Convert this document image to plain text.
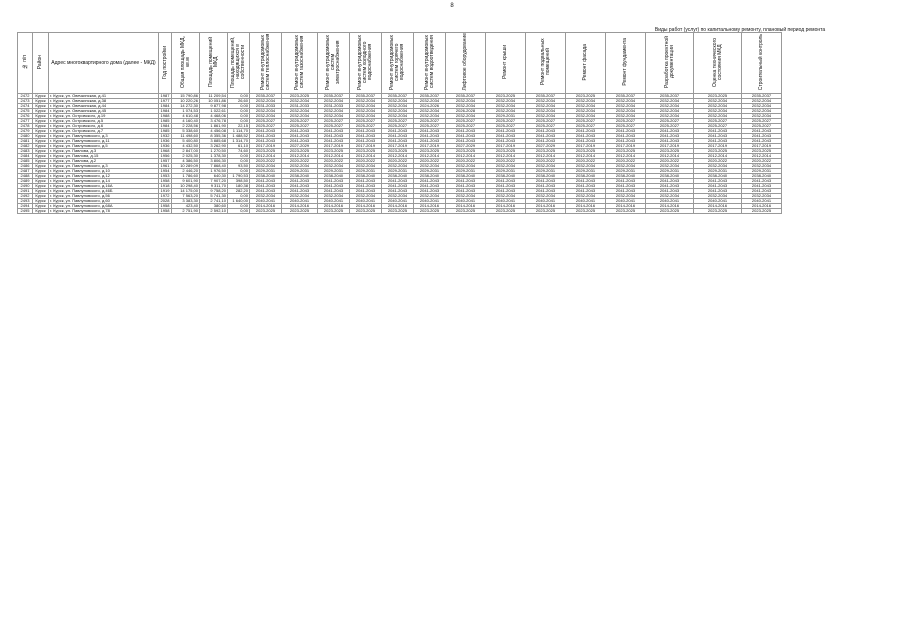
8
Виды работ (услуг) по капитальному ремонту, плановый период ремонта
№ п/п	Район	Адрес многоквартирного дома (далее - МКД)	Год постройки	Общая площадь МКД, кв.м	Площадь помещений МКД	Площадь помещений, находящихся в собственности	Ремонт внутридомовых систем теплоснабжения	Ремонт внутридомовых систем газоснабжения	Ремонт внутридомовых систем электроснабжения	Ремонт внутридомовых систем холодного водоснабжения	Ремонт внутридомовых систем горячего водоснабжения	Ремонт внутридомовых систем водоотведения	Лифтовое оборудование	Ремонт крыши	Ремонт подвальных помещений	Ремонт фасада	Ремонт фундамента	Разработка проектной документации	Оценка технического состояния МКД	Строительный контроль
2472	Курск	г. Курск, ул. Овечкинская, д.41	1987	15 790,86	11 209,54	0,00	2035-2037	2023-2025	2035-2037	2035-2037	2035-2037	2035-2037	2035-2037	2023-2025	2035-2037	2023-2025	2035-2037	2035-2037	2023-2025	2035-2037
2473	Курск	г. Курск, ул. Овечкинская, д.38	1977	10 220,26	10 051,86	26,60	2032-2034	2032-2034	2032-2034	2032-2034	2032-2034	2032-2034	2032-2034	2032-2034	2032-2034	2032-2034	2032-2034	2032-2034	2032-2034	2032-2034
2474	Курск	г. Курск, ул. Овечкинская, д.44	1984	14 272,30	9 877,98	0,00	2031-2033	2031-2033	2031-2033	2032-2034	2032-2034	2024-2026	2032-2034	2032-2034	2032-2034	2032-2034	2032-2034	2032-2034	2032-2034	2032-2034
2475	Курск	г. Курск, ул. Овечкинская, д.45	1984	1 074,53	1 022,61	0,00	2032-2034	2032-2034	2032-2034	2032-2034	2032-2034	2032-2034	2026-2028	2032-2034	2032-2034	2032-2034	2032-2034	2032-2034	2032-2034	2032-2034
2476	Курск	г. Курск, ул. Островского, д.19	1988	4 610,48	4 468,06	0,00	2032-2034	2032-2034	2032-2034	2032-2034	2032-2034	2032-2034	2032-2034	2029-2031	2032-2034	2032-2034	2032-2034	2032-2034	2032-2034	2032-2034
2477	Курск	г. Курск, ул. Островского, д.5	1985	4 160,40	3 476,78	0,00	2025-2027	2025-2027	2025-2027	2025-2027	2025-2027	2025-2027	2025-2027	2025-2027	2025-2027	2025-2027	2025-2027	2025-2027	2025-2027	2025-2027
2478	Курск	г. Курск, ул. Островского, д.6	1984	2 228,56	1 861,90	22,15	2025-2027	2025-2027	2025-2027	2025-2027	2025-2027	2025-2027	2025-2027	2025-2027	2025-2027	2025-2027	2025-2027	2025-2027	2025-2027	2025-2027
2479	Курск	г. Курск, ул. Островского, д.7	1985	5 338,60	4 456,08	1 114,70	2041-2043	2041-2043	2041-2043	2041-2043	2041-2043	2041-2043	2041-2043	2041-2043	2041-2043	2041-2043	2041-2043	2041-2043	2041-2043	2041-2043
2480	Курск	г. Курск, ул. Павлуновского, д.3	1932	11 498,60	8 355,36	1 488,52	2041-2043	2041-2043	2041-2043	2041-2043	2041-2043	2041-2043	2041-2043	2041-2043	2041-2043	2041-2043	2041-2043	2041-2043	2041-2043	2041-2043
2481	Курск	г. Курск, ул. Павлуновского, д.11	1936	5 400,80	3 885,68	1 314,70	2041-2043	2041-2043	2041-2043	2041-2043	2041-2043	2041-2043	2041-2043	2041-2043	2041-2043	2041-2043	2041-2043	2041-2043	2041-2043	2041-2043
2482	Курск	г. Курск, ул. Павлуновского, д.5	1936	4 432,50	3 262,90	61,10	2017-2019	2027-2029	2017-2019	2017-2019	2017-2019	2017-2019	2027-2029	2017-2019	2027-2029	2017-2019	2017-2019	2017-2019	2017-2019	2017-2019
2483	Курск	г. Курск, ул. Павлова, д.3	1968	2 847,00	1 270,50	74,60	2023-2025	2023-2025	2023-2025	2023-2025	2023-2025	2023-2025	2023-2025	2023-2025	2023-2025	2023-2025	2023-2025	2023-2025	2023-2025	2023-2025
2484	Курск	г. Курск, ул. Павлова, д.15	1956	2 025,30	1 378,30	0,00	2012-2014	2012-2014	2012-2014	2012-2014	2012-2014	2012-2014	2012-2014	2012-2014	2012-2014	2012-2014	2012-2014	2012-2014	2012-2014	2012-2014
2485	Курск	г. Курск, ул. Павлова, д.2	1957	4 386,50	3 806,30	0,00	2020-2022	2020-2022	2020-2022	2020-2022	2020-2022	2020-2022	2020-2022	2020-2022	2020-2022	2020-2022	2020-2022	2020-2022	2020-2022	2020-2022
2486	Курск	г. Курск, ул. Павлуновского, д.3	1961	10 289,09	7 868,40	93,50	2032-2034	2032-2034	2032-2034	2032-2034	2032-2034	2032-2034	2032-2034	2032-2034	2032-2034	2032-2034	2032-2034	2032-2034	2032-2034	2032-2034
2487	Курск	г. Курск, ул. Павлуновского, д.10	1954	2 446,20	1 976,50	0,00	2029-2031	2029-2031	2029-2031	2029-2031	2029-2031	2029-2031	2029-2031	2029-2031	2029-2031	2029-2031	2029-2031	2029-2031	2029-2031	2029-2031
2488	Курск	г. Курск, ул. Павлуновского, д.12	1953	1 786,60	640,30	1 790,53	2038-2040	2038-2040	2038-2040	2038-2040	2038-2040	2038-2040	2038-2040	2038-2040	2038-2040	2038-2040	2038-2040	2038-2040	2038-2040	2038-2040
2489	Курск	г. Курск, ул. Павлуновского, д.14	1958	9 601,90	7 907,20	398,50	2041-2043	2041-2043	2041-2043	2041-2043	2041-2043	2041-2043	2041-2043	2041-2043	2041-2043	2041-2043	2041-2043	2041-2043	2041-2043	2041-2043
2490	Курск	г. Курск, ул. Павлуновского, д.16А	1918	10 298,40	9 311,70	180,38	2041-2043	2041-2043	2041-2043	2041-2043	2041-2043	2041-2043	2041-2043	2041-2043	2041-2043	2041-2043	2041-2043	2041-2043	2041-2043	2041-2043
2491	Курск	г. Курск, ул. Павлуновского, д.46Б	1919	14 175,00	9 758,20	282,20	2041-2043	2041-2043	2041-2043	2041-2043	2041-2043	2041-2043	2041-2043	2041-2043	2041-2043	2041-2043	2041-2043	2041-2043	2041-2043	2041-2043
2492	Курск	г. Курск, ул. Павлуновского, д.56	1972	7 563,20	5 741,30	0,00	2032-2034	2032-2034	2032-2034	2032-2034	2032-2034	2032-2034	2032-2034	2032-2034	2032-2034	2032-2034	2032-2034	2032-2034	2032-2034	2032-2034
2493	Курск	г. Курск, ул. Павлуновского, д.60	2028	3 383,30	2 741,10	1 640,00	2040-2041	2040-2041	2040-2041	2040-2041	2040-2041	2040-2041	2040-2041	2040-2041	2040-2041	2040-2041	2040-2041	2040-2041	2040-2041	2040-2041
2494	Курск	г. Курск, ул. Павлуновского, д.68А	1958	423,40	380,60	0,00	2014-2016	2014-2016	2014-2016	2014-2016	2014-2016	2014-2016	2014-2016	2014-2016	2014-2016	2014-2016	2014-2016	2014-2016	2014-2016	2014-2016
2495	Курск	г. Курск, ул. Павлуновского, д.78	1958	2 751,90	2 592,10	0,00	2023-2025	2023-2025	2023-2025	2023-2025	2023-2025	2023-2025	2023-2025	2023-2025	2023-2025	2023-2025	2023-2025	2023-2025	2023-2025	2023-2025
